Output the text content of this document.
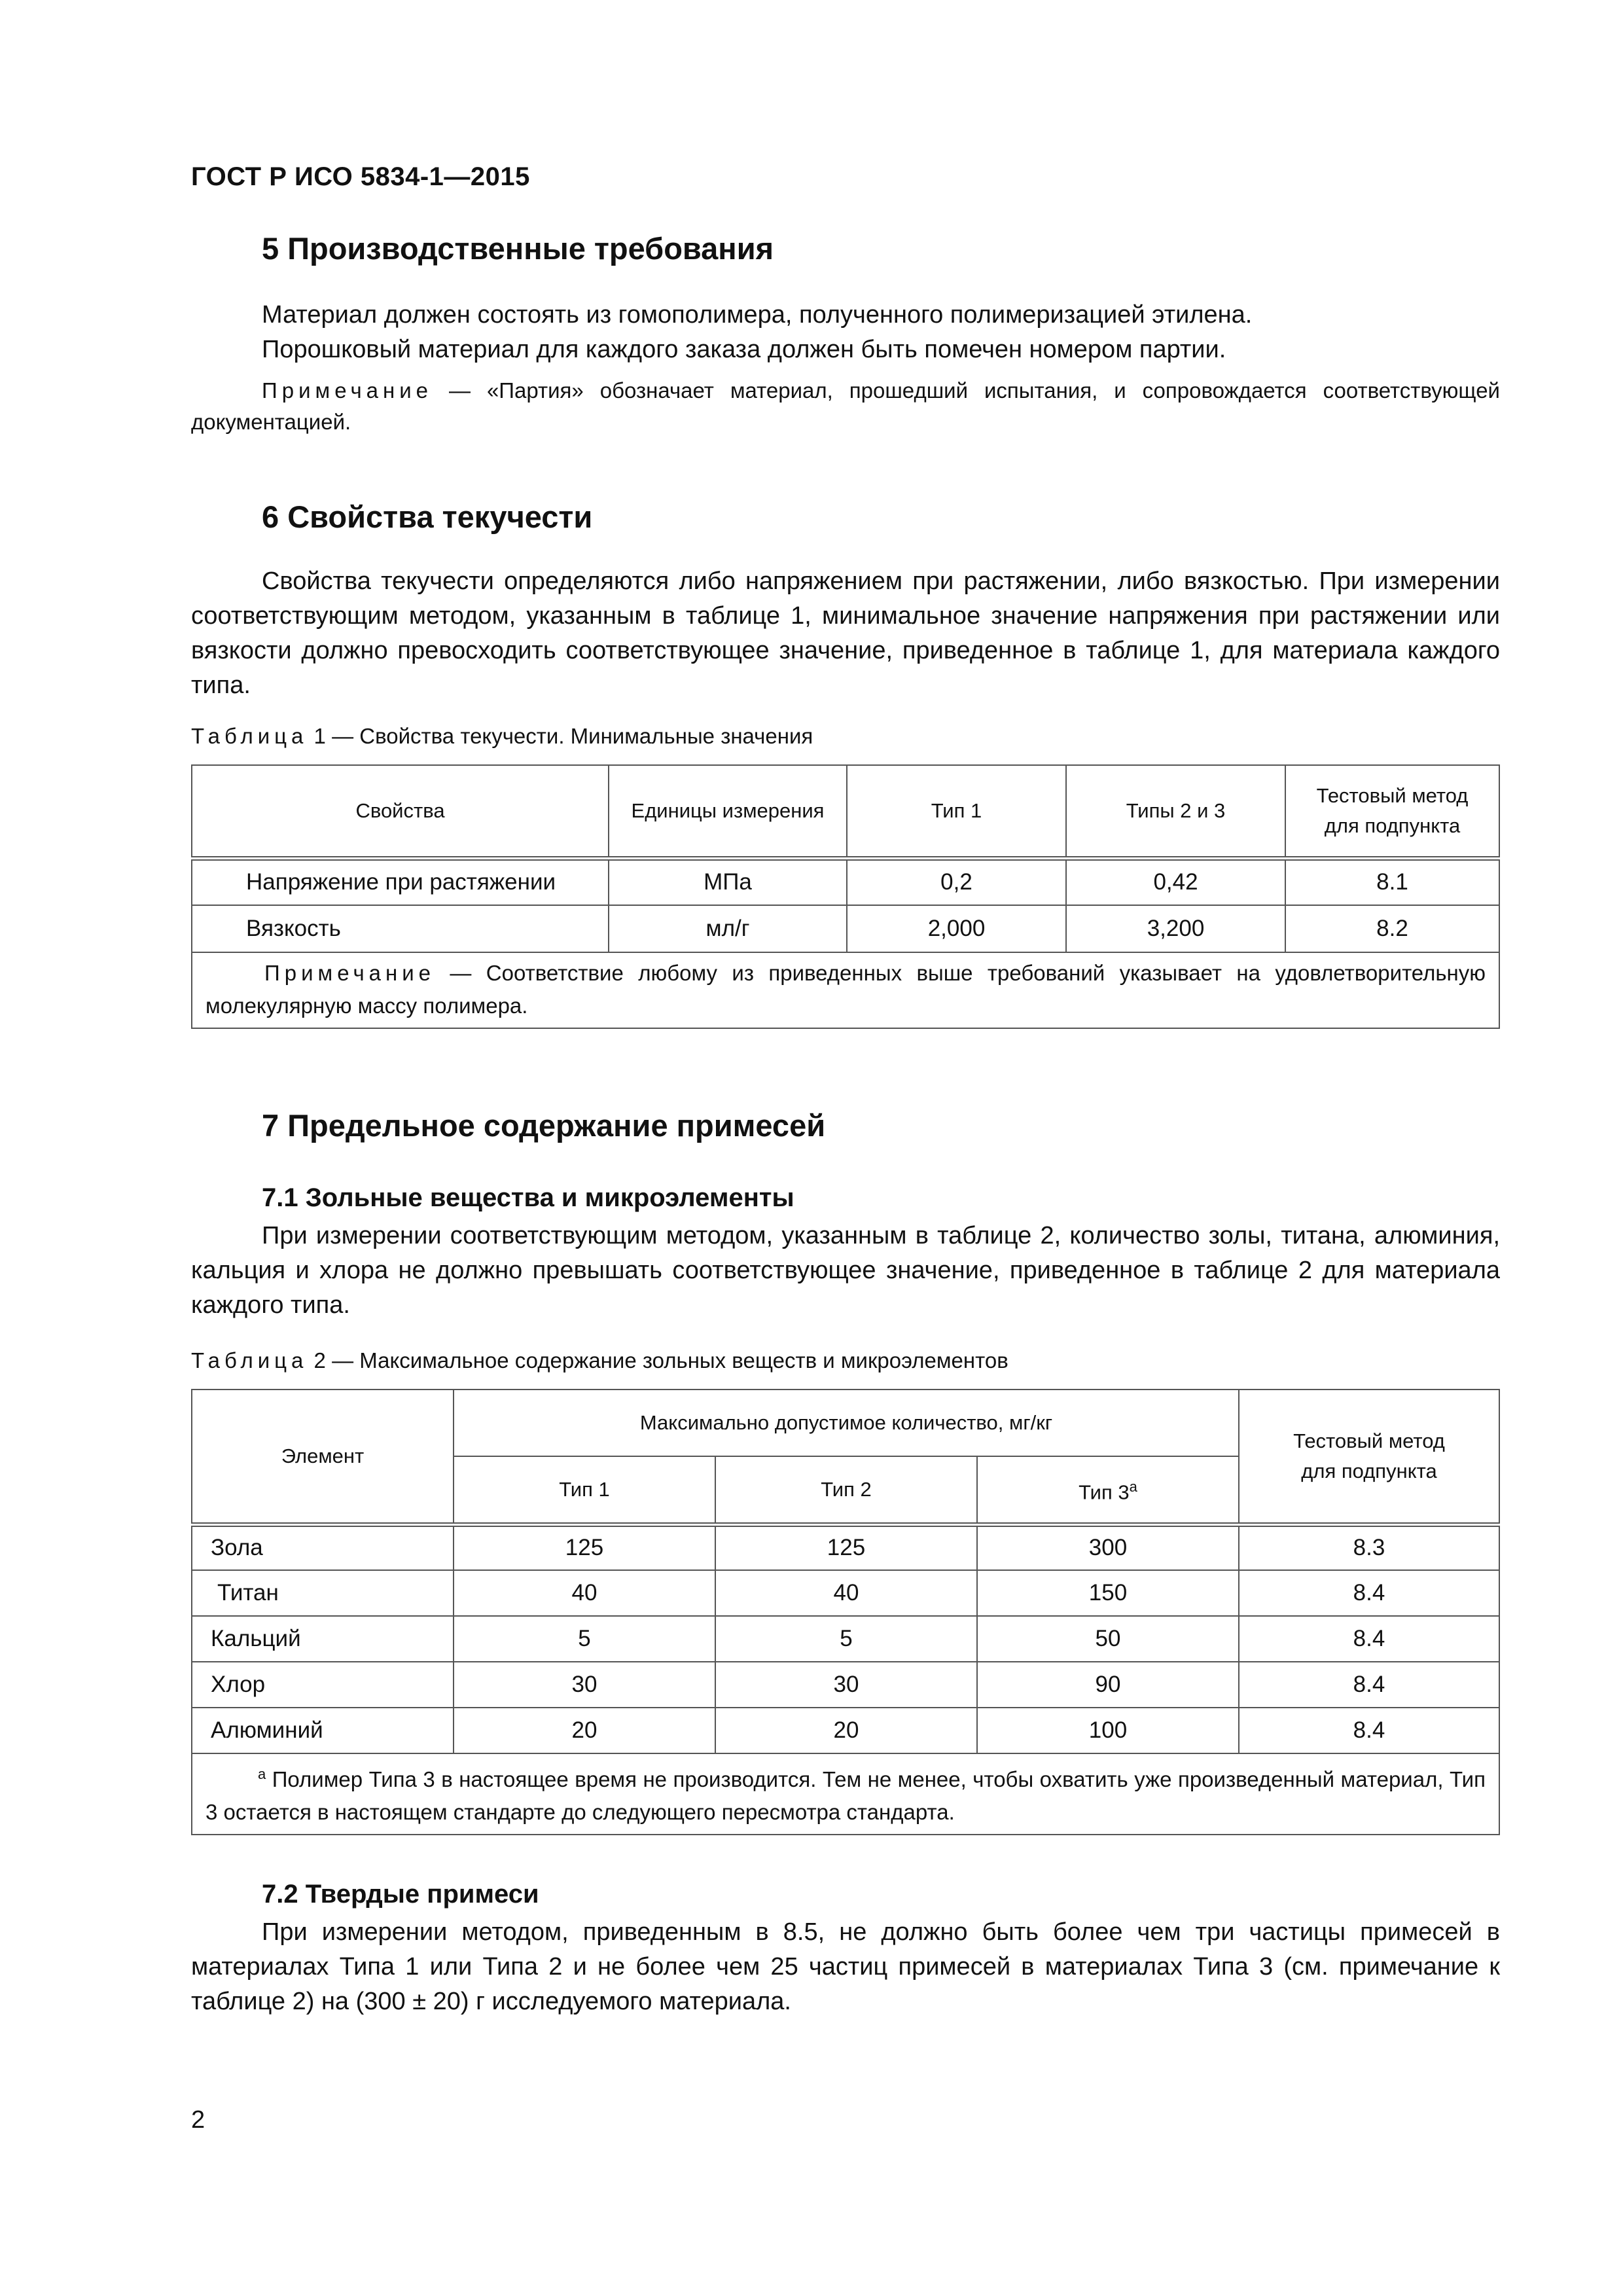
ГОСТ Р ИСО 5834-1—2015
5 Производственные требования
Материал должен состоять из гомополимера, полученного полимеризацией этилена.
Порошковый материал для каждого заказа должен быть помечен номером партии.
Примечание — «Партия» обозначает материал, прошедший испытания, и сопровождается соответствующей документацией.
6 Свойства текучести
Свойства текучести определяются либо напряжением при растяжении, либо вязкостью. При измерении соответствующим методом, указанным в таблице 1, минимальное значение напряжения при растяжении или вязкости должно превосходить соответствующее значение, приведенное в таблице 1, для материала каждого типа.
Таблица 1 — Свойства текучести. Минимальные значения
Свойства	Единицы измерения	Тип 1	Типы 2 и 3	Тестовый метод для подпункта
Напряжение при растяжении	МПа	0,2	0,42	8.1
Вязкость	мл/г	2,000	3,200	8.2
Примечание — Соответствие любому из приведенных выше требований указывает на удовлетворительную молекулярную массу полимера.				
7 Предельное содержание примесей
7.1 Зольные вещества и микроэлементы
При измерении соответствующим методом, указанным в таблице 2, количество золы, титана, алюминия, кальция и хлора не должно превышать соответствующее значение, приведенное в таблице 2 для материала каждого типа.
Таблица 2 — Максимальное содержание зольных веществ и микроэлементов
Элемент	Максимально допустимое количество, мг/кг			Тестовый метод для подпункта
	Тип 1	Тип 2	Тип 3$^a$
Зола	125	125	300	8.3
Титан	40	40	150	8.4
Кальций	5	5	50	8.4
Хлор	30	30	90	8.4
Алюминий	20	20	100	8.4
$^a$ Полимер Типа 3 в настоящее время не производится. Тем не менее, чтобы охватить уже произведенный материал, Тип 3 остается в настоящем стандарте до следующего пересмотра стандарта.				
7.2 Твердые примеси
При измерении методом, приведенным в 8.5, не должно быть более чем три частицы примесей в материалах Типа 1 или Типа 2 и не более чем 25 частиц примесей в материалах Типа 3 (см. примечание к таблице 2) на (300 ± 20) г исследуемого материала.
2
